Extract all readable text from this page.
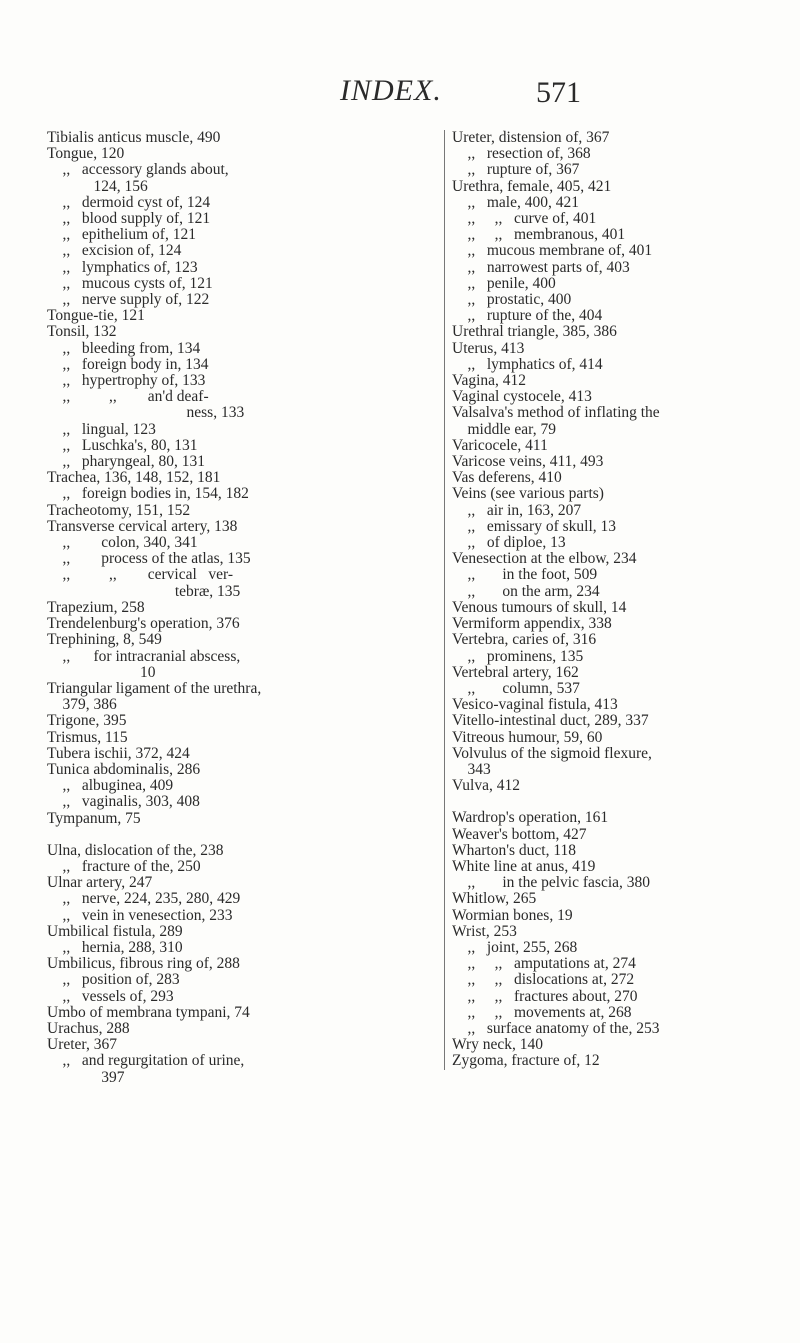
INDEX.	571
Tibialis anticus muscle, 490
Tongue, 120
,,   accessory glands about,
124, 156
,,   dermoid cyst of, 124
,,   blood supply of, 121
,,   epithelium of, 121
,,   excision of, 124
,,   lymphatics of, 123
,,   mucous cysts of, 121
,,   nerve supply of, 122
Tongue-tie, 121
Tonsil, 132
,,   bleeding from, 134
,,   foreign body in, 134
,,   hypertrophy of, 133
,,          ,,        an'd deaf-
ness, 133
,,   lingual, 123
,,   Luschka's, 80, 131
,,   pharyngeal, 80, 131
Trachea, 136, 148, 152, 181
,,   foreign bodies in, 154, 182
Tracheotomy, 151, 152
Transverse cervical artery, 138
,,        colon, 340, 341
,,        process of the atlas, 135
,,          ,,        cervical   ver-
tebræ, 135
Trapezium, 258
Trendelenburg's operation, 376
Trephining, 8, 549
,,      for intracranial abscess,
10
Triangular ligament of the urethra,
379, 386
Trigone, 395
Trismus, 115
Tubera ischii, 372, 424
Tunica abdominalis, 286
,,   albuginea, 409
,,   vaginalis, 303, 408
Tympanum, 75
Ulna, dislocation of the, 238
,,   fracture of the, 250
Ulnar artery, 247
,,   nerve, 224, 235, 280, 429
,,   vein in venesection, 233
Umbilical fistula, 289
,,   hernia, 288, 310
Umbilicus, fibrous ring of, 288
,,   position of, 283
,,   vessels of, 293
Umbo of membrana tympani, 74
Urachus, 288
Ureter, 367
,,   and regurgitation of urine,
397
Ureter, distension of, 367
,,   resection of, 368
,,   rupture of, 367
Urethra, female, 405, 421
,,   male, 400, 421
,,     ,,   curve of, 401
,,     ,,   membranous, 401
,,   mucous membrane of, 401
,,   narrowest parts of, 403
,,   penile, 400
,,   prostatic, 400
,,   rupture of the, 404
Urethral triangle, 385, 386
Uterus, 413
,,   lymphatics of, 414
Vagina, 412
Vaginal cystocele, 413
Valsalva's method of inflating the
middle ear, 79
Varicocele, 411
Varicose veins, 411, 493
Vas deferens, 410
Veins (see various parts)
,,   air in, 163, 207
,,   emissary of skull, 13
,,   of diploe, 13
Venesection at the elbow, 234
,,       in the foot, 509
,,       on the arm, 234
Venous tumours of skull, 14
Vermiform appendix, 338
Vertebra, caries of, 316
,,   prominens, 135
Vertebral artery, 162
,,       column, 537
Vesico-vaginal fistula, 413
Vitello-intestinal duct, 289, 337
Vitreous humour, 59, 60
Volvulus of the sigmoid flexure,
343
Vulva, 412
Wardrop's operation, 161
Weaver's bottom, 427
Wharton's duct, 118
White line at anus, 419
,,       in the pelvic fascia, 380
Whitlow, 265
Wormian bones, 19
Wrist, 253
,,   joint, 255, 268
,,     ,,   amputations at, 274
,,     ,,   dislocations at, 272
,,     ,,   fractures about, 270
,,     ,,   movements at, 268
,,   surface anatomy of the, 253
Wry neck, 140
Zygoma, fracture of, 12
